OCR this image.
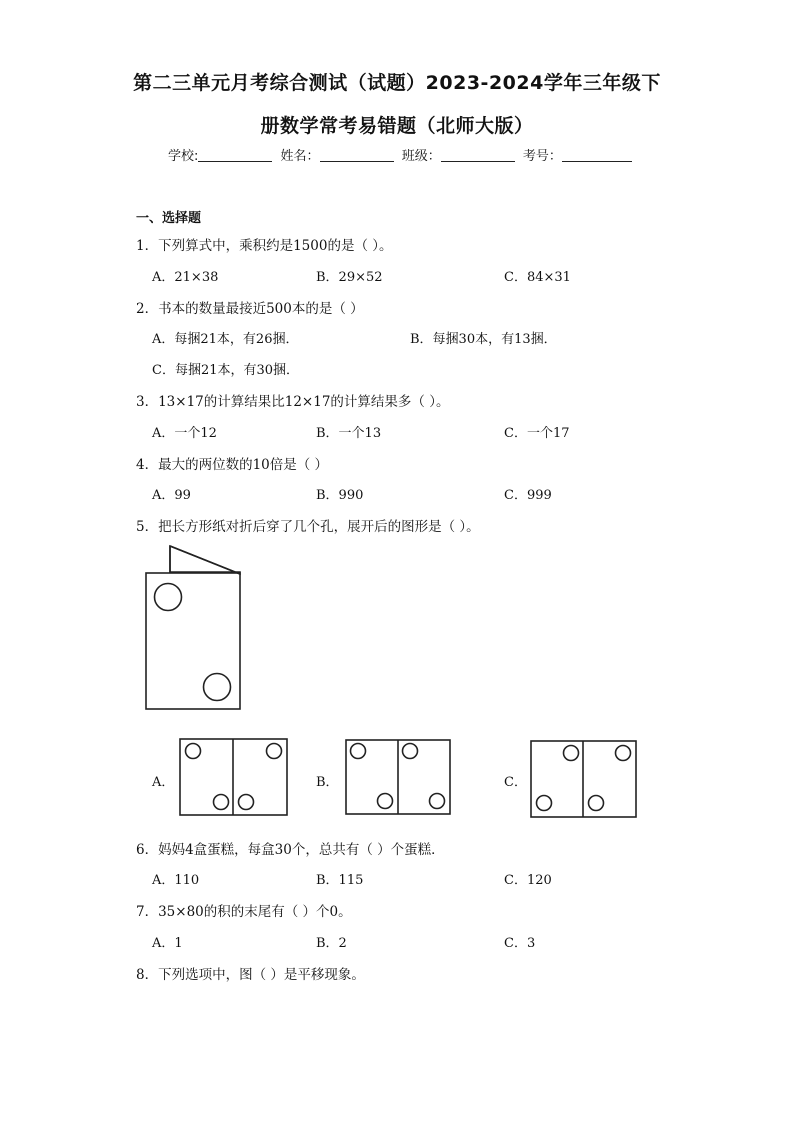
第二三单元月考综合测试（试题）2023-2024学年三年级下
册数学常考易错题（北师大版）
学校:	姓名：	班级：	考号：
一、选择题
1．下列算式中，乘积约是1500的是（ ）。
A．21×38	B．29×52	C．84×31
2．书本的数量最接近500本的是（ ）
A．每捆21本，有26捆．	B．每捆30本，有13捆．
C．每捆21本，有30捆．
3．13×17的计算结果比12×17的计算结果多（ ）。
A．一个12	B．一个13	C．一个17
4．最大的两位数的10倍是（ ）
A．99	B．990	C．999
5．把长方形纸对折后穿了几个孔，展开后的图形是（ ）。
A．	B．	C．
6．妈妈4盒蛋糕，每盒30个，总共有（ ）个蛋糕．
A．110	B．115	C．120
7．35×80的积的末尾有（ ）个0。
A．1	B．2	C．3
8．下列选项中，图（ ）是平移现象。
